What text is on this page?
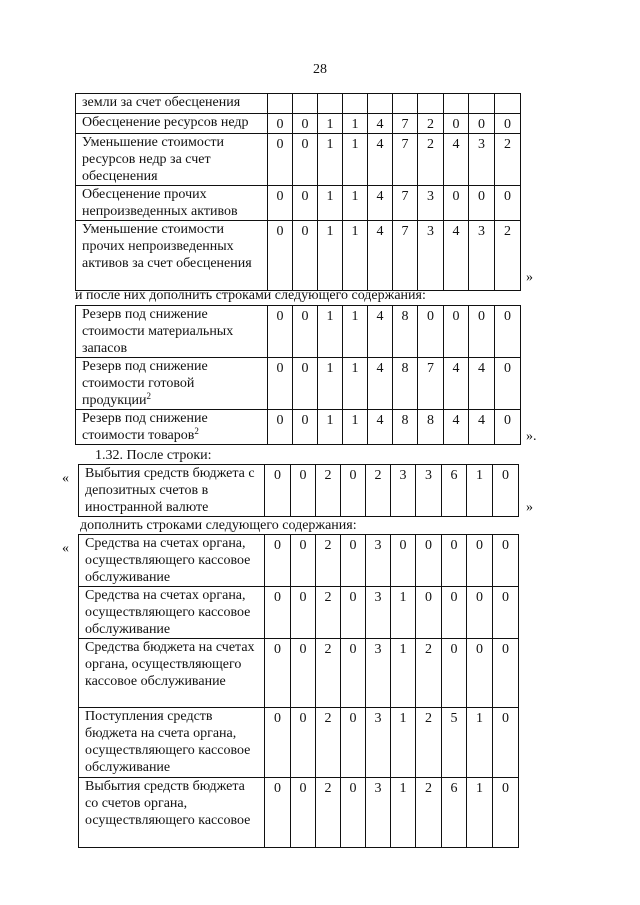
28
земли за счет обесценения										
Обесценение ресурсов недр	0	0	1	1	4	7	2	0	0	0
Уменьшение стоимости ресурсов недр за счет обесценения	0	0	1	1	4	7	2	4	3	2
Обесценение прочих непроизведенных активов	0	0	1	1	4	7	3	0	0	0
Уменьшение стоимости прочих непроизведенных активов за счет обесценения	0	0	1	1	4	7	3	4	3	2
»
и после них дополнить строками следующего содержания:
Резерв под снижение стоимости материальных запасов	0	0	1	1	4	8	0	0	0	0
Резерв под снижение стоимости готовой продукции$^2$	0	0	1	1	4	8	7	4	4	0
Резерв под снижение стоимости товаров$^2$	0	0	1	1	4	8	8	4	4	0
».
1.32. После строки:
« Выбытия средств бюджета с депозитных счетов в иностранной валюте	0	0	2	0	2	3	3	6	1	0
»
дополнить строками следующего содержания:
« Средства на счетах органа, осуществляющего кассовое обслуживание	0	0	2	0	3	0	0	0	0	0
Средства на счетах органа, осуществляющего кассовое обслуживание	0	0	2	0	3	1	0	0	0	0
Средства бюджета на счетах органа, осуществляющего кассовое обслуживание	0	0	2	0	3	1	2	0	0	0
Поступления средств бюджета на счета органа, осуществляющего кассовое обслуживание	0	0	2	0	3	1	2	5	1	0
Выбытия средств бюджета со счетов органа, осуществляющего кассовое	0	0	2	0	3	1	2	6	1	0
